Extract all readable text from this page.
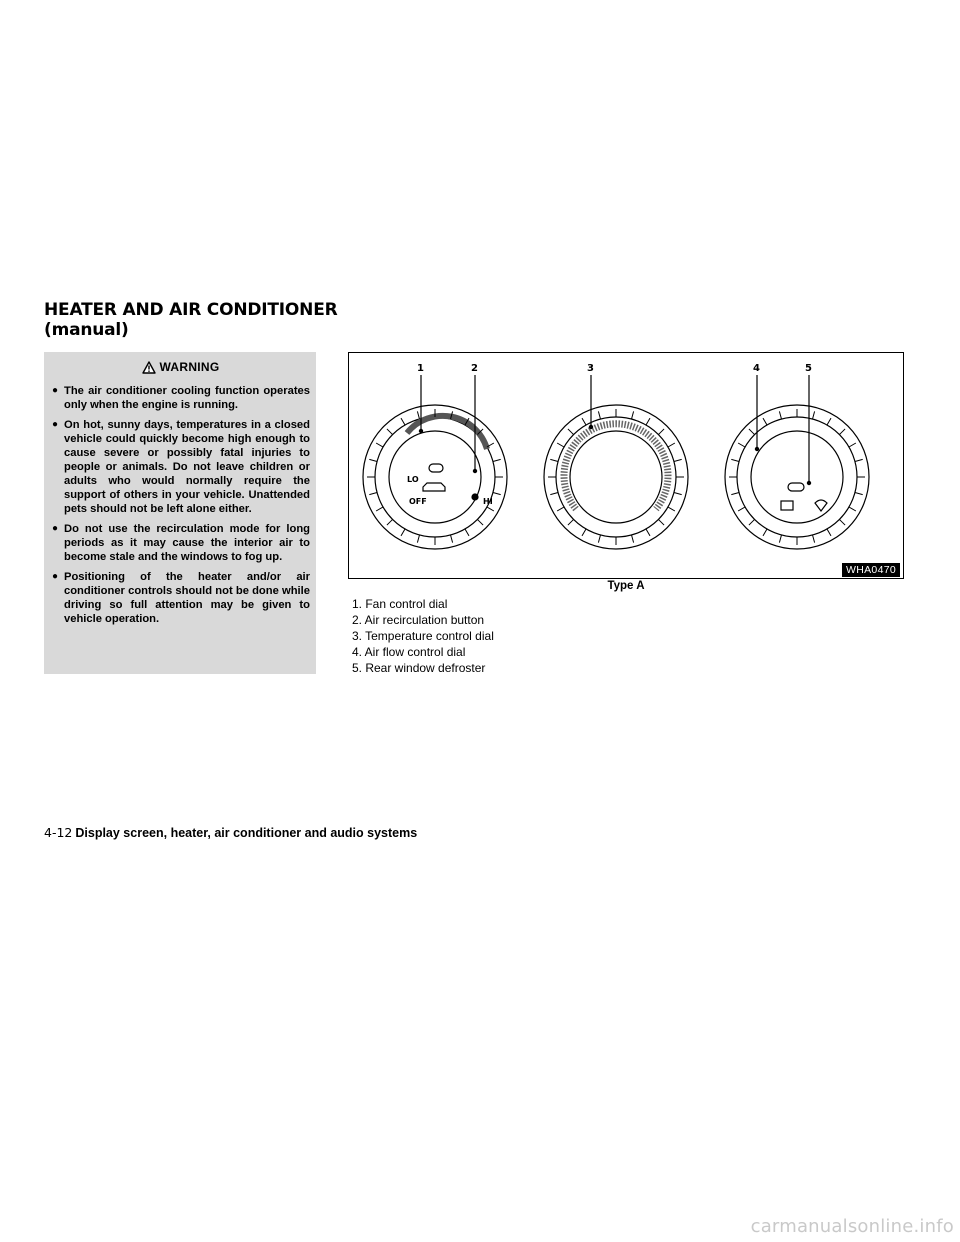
HEATER AND AIR CONDITIONER
(manual)
WARNING
● The air conditioner cooling function operates only when the engine is running.
● On hot, sunny days, temperatures in a closed vehicle could quickly become high enough to cause severe or possibly fatal injuries to people or animals. Do not leave children or adults who would normally require the support of others in your vehicle. Unattended pets should not be left alone either.
● Do not use the recirculation mode for long periods as it may cause the interior air to become stale and the windows to fog up.
● Positioning of the heater and/or air conditioner controls should not be done while driving so full attention may be given to vehicle operation.
1	2	3	4	5
LO
OFF	HI
WHA0470
Type A
1. Fan control dial
2. Air recirculation button
3. Temperature control dial
4. Air flow control dial
5. Rear window defroster
4-12 Display screen, heater, air conditioner and audio systems
carmanualsonline.info
